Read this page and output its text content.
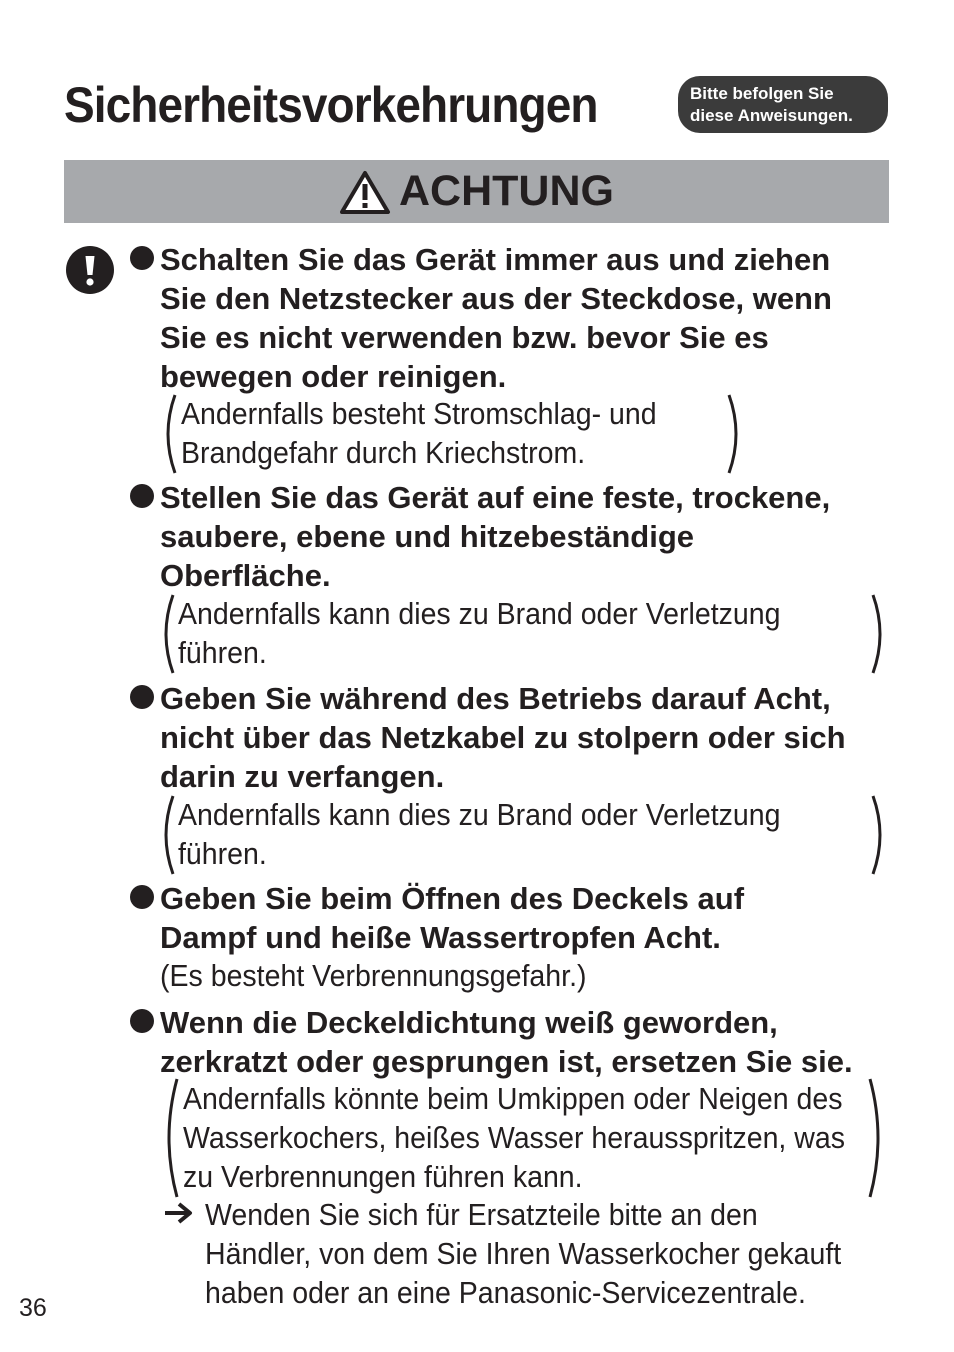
Sicherheitsvorkehrungen	Bitte befolgen Sie
diese Anweisungen.
ACHTUNG
Schalten Sie das Gerät immer aus und ziehen
Sie den Netzstecker aus der Steckdose, wenn
Sie es nicht verwenden bzw. bevor Sie es
bewegen oder reinigen.
Andernfalls besteht Stromschlag- und
Brandgefahr durch Kriechstrom.
Stellen Sie das Gerät auf eine feste, trockene,
saubere, ebene und hitzebeständige
Oberfläche.
Andernfalls kann dies zu Brand oder Verletzung
führen.
Geben Sie während des Betriebs darauf Acht,
nicht über das Netzkabel zu stolpern oder sich
darin zu verfangen.
Andernfalls kann dies zu Brand oder Verletzung
führen.
Geben Sie beim Öffnen des Deckels auf
Dampf und heiße Wassertropfen Acht.
(Es besteht Verbrennungsgefahr.)
Wenn die Deckeldichtung weiß geworden,
zerkratzt oder gesprungen ist, ersetzen Sie sie.
Andernfalls könnte beim Umkippen oder Neigen des
Wasserkochers, heißes Wasser herausspritzen, was
zu Verbrennungen führen kann.
Wenden Sie sich für Ersatzteile bitte an den
Händler, von dem Sie Ihren Wasserkocher gekauft
haben oder an eine Panasonic-Servicezentrale.
36
